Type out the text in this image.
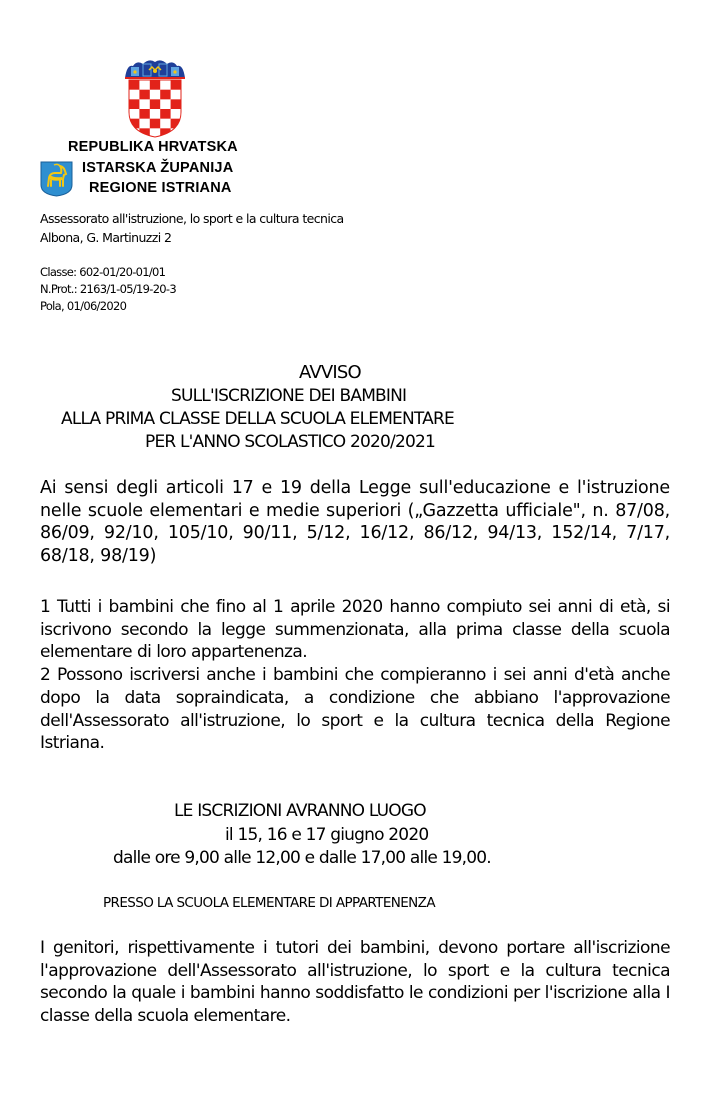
REPUBLIKA HRVATSKA
ISTARSKA ŽUPANIJA
REGIONE ISTRIANA
Assessorato all'istruzione, lo sport e la cultura tecnica
Albona, G. Martinuzzi 2
Classe: 602-01/20-01/01
N.Prot.: 2163/1-05/19-20-3
Pola, 01/06/2020
AVVISO
SULL'ISCRIZIONE DEI BAMBINI
ALLA PRIMA CLASSE DELLA SCUOLA ELEMENTARE
PER L'ANNO SCOLASTICO 2020/2021

Ai sensi degli articoli 17 e 19 della Legge sull'educazione e l'istruzione nelle scuole elementari e medie superiori („Gazzetta ufficiale", n. 87/08, 86/09, 92/10, 105/10, 90/11, 5/12, 16/12, 86/12, 94/13, 152/14, 7/17, 68/18, 98/19)

1 Tutti i bambini che fino al 1 aprile 2020 hanno compiuto sei anni di età, si iscrivono secondo la legge summenzionata, alla prima classe della scuola elementare di loro appartenenza.

2 Possono iscriversi anche i bambini che compieranno i sei anni d'età anche dopo la data sopraindicata, a condizione che abbiano l'approvazione dell'Assessorato all'istruzione, lo sport e la cultura tecnica della Regione Istriana.

LE ISCRIZIONI AVRANNO LUOGO
il 15, 16 e 17 giugno 2020
dalle ore 9,00 alle 12,00 e dalle 17,00 alle 19,00.
PRESSO LA SCUOLA ELEMENTARE DI APPARTENENZA

I genitori, rispettivamente i tutori dei bambini, devono portare all'iscrizione l'approvazione dell'Assessorato all'istruzione, lo sport e la cultura tecnica secondo la quale i bambini hanno soddisfatto le condizioni per l'iscrizione alla I classe della scuola elementare.
